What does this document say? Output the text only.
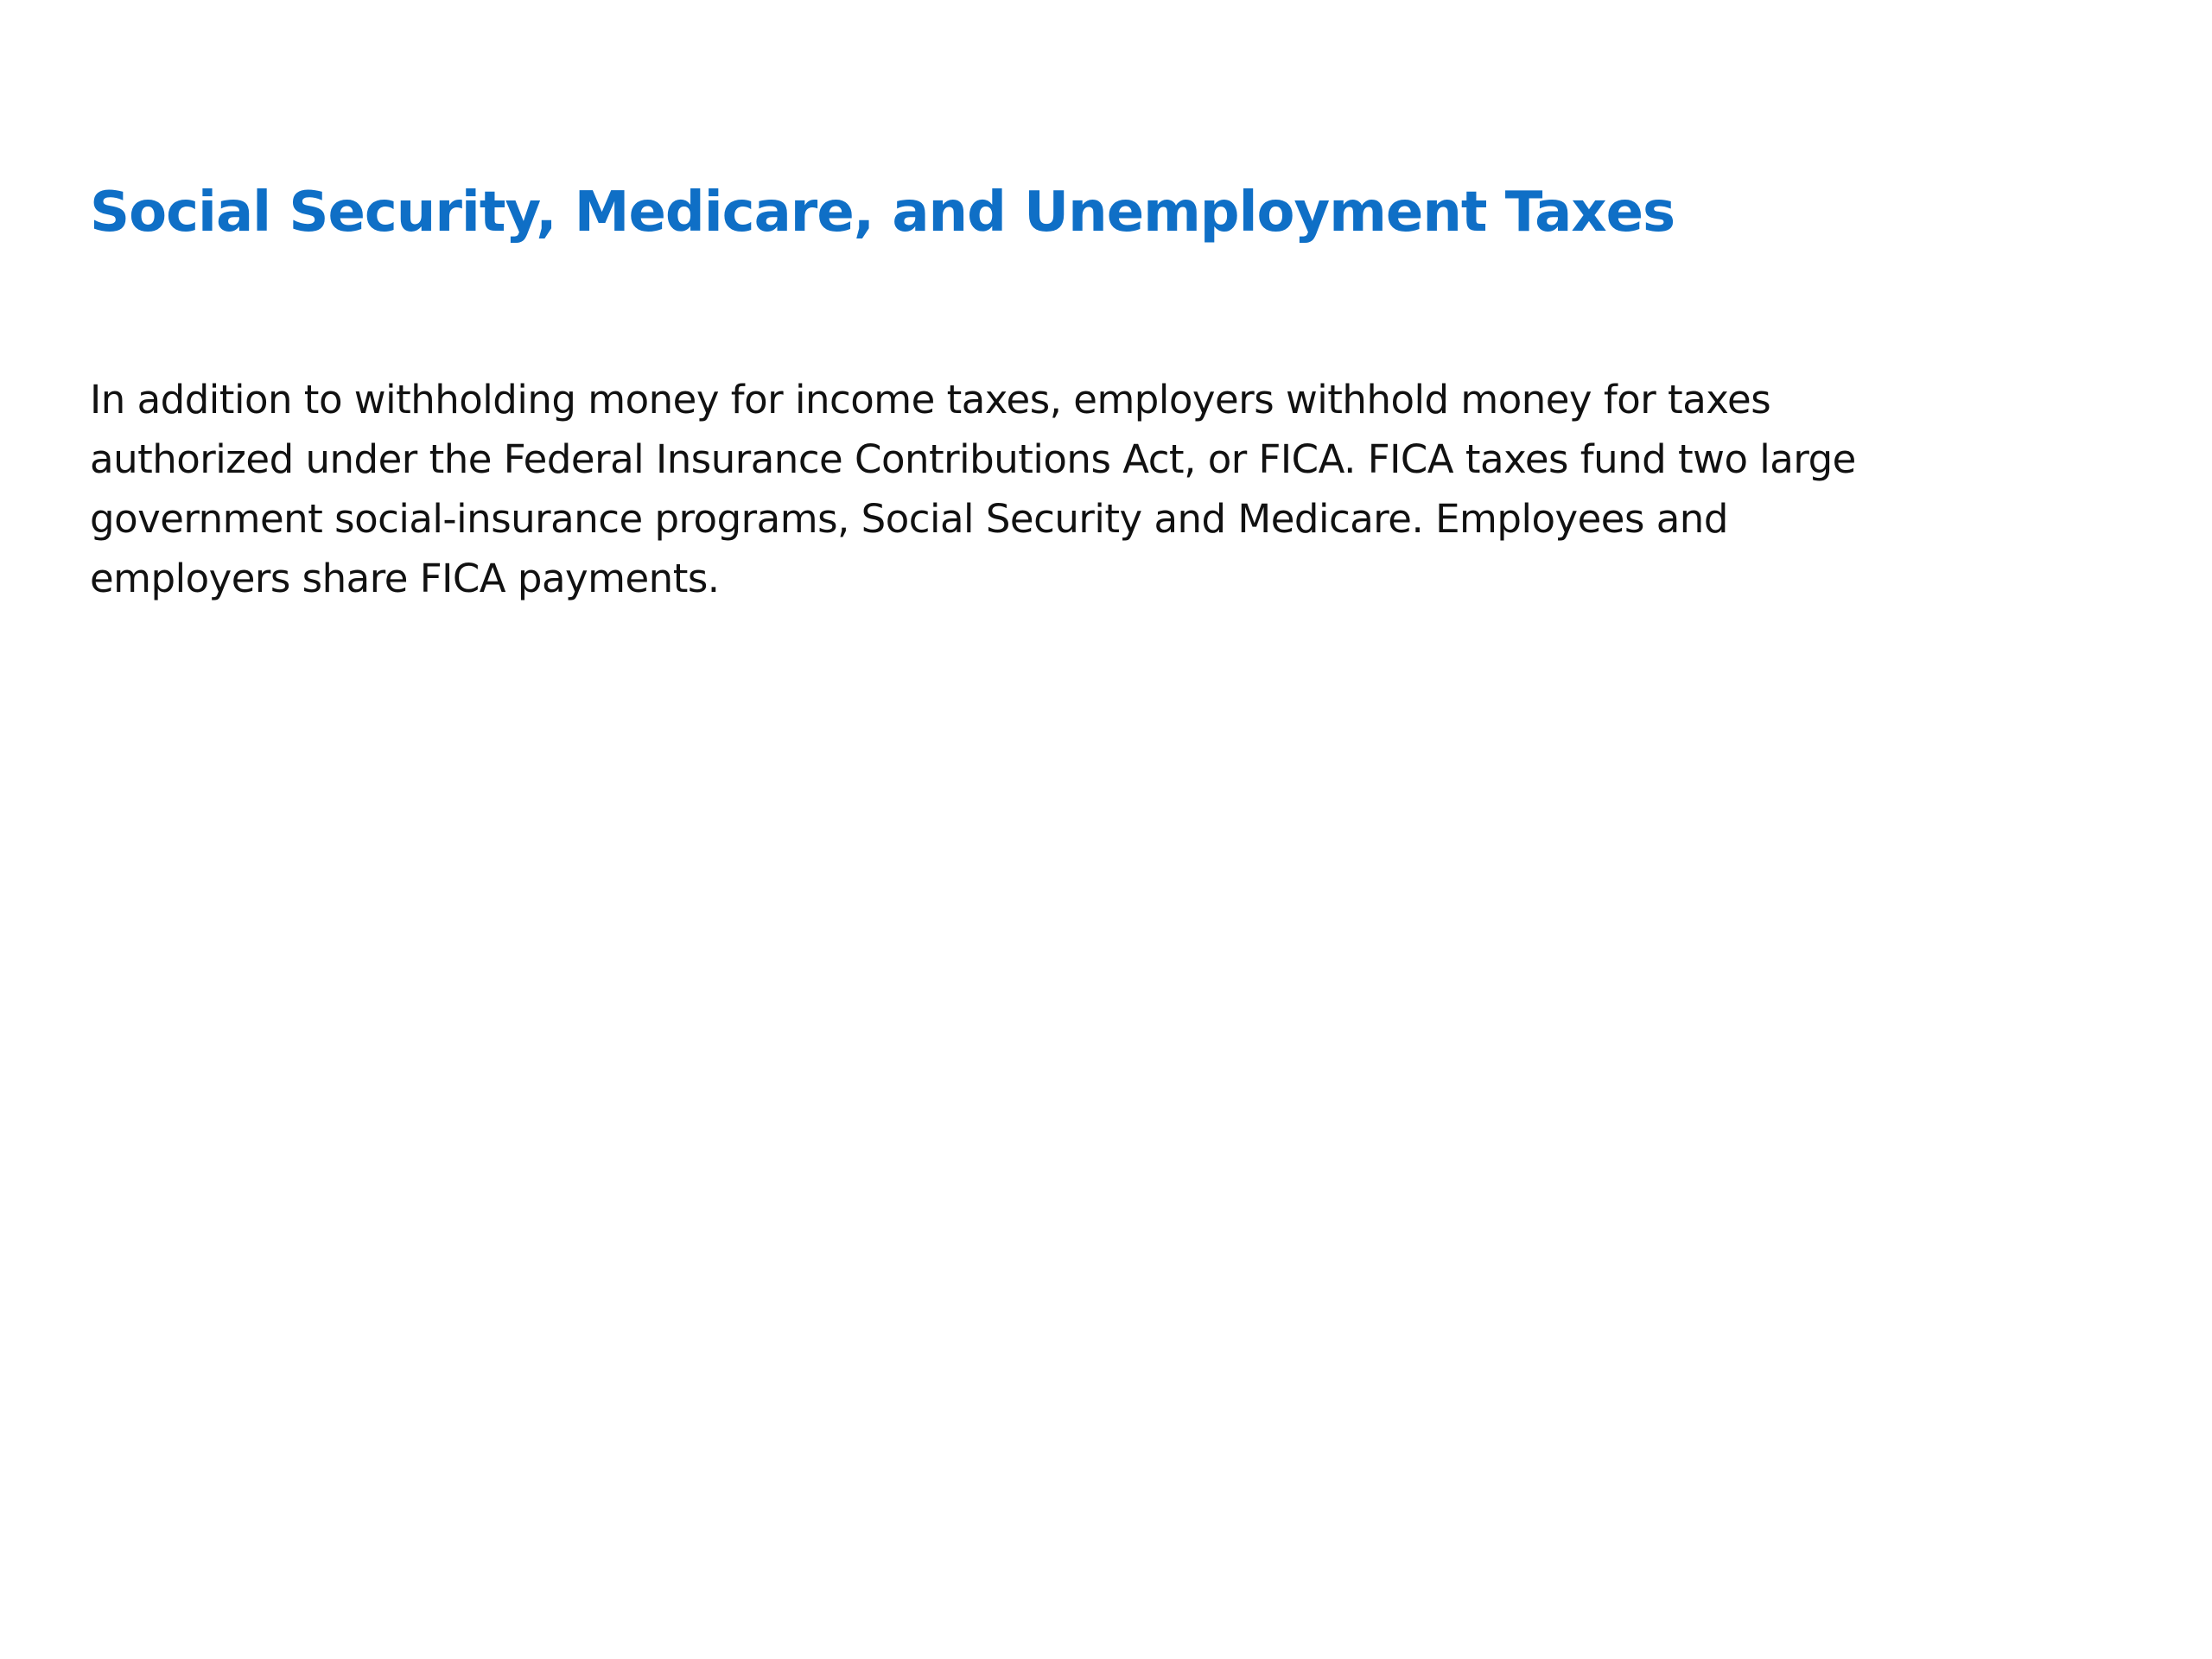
Social Security, Medicare, and Unemployment Taxes

In addition to withholding money for income taxes, employers withhold money for taxes authorized under the Federal Insurance Contributions Act, or FICA. FICA taxes fund two large government social-insurance programs, Social Security and Medicare. Employees and employers share FICA payments.
